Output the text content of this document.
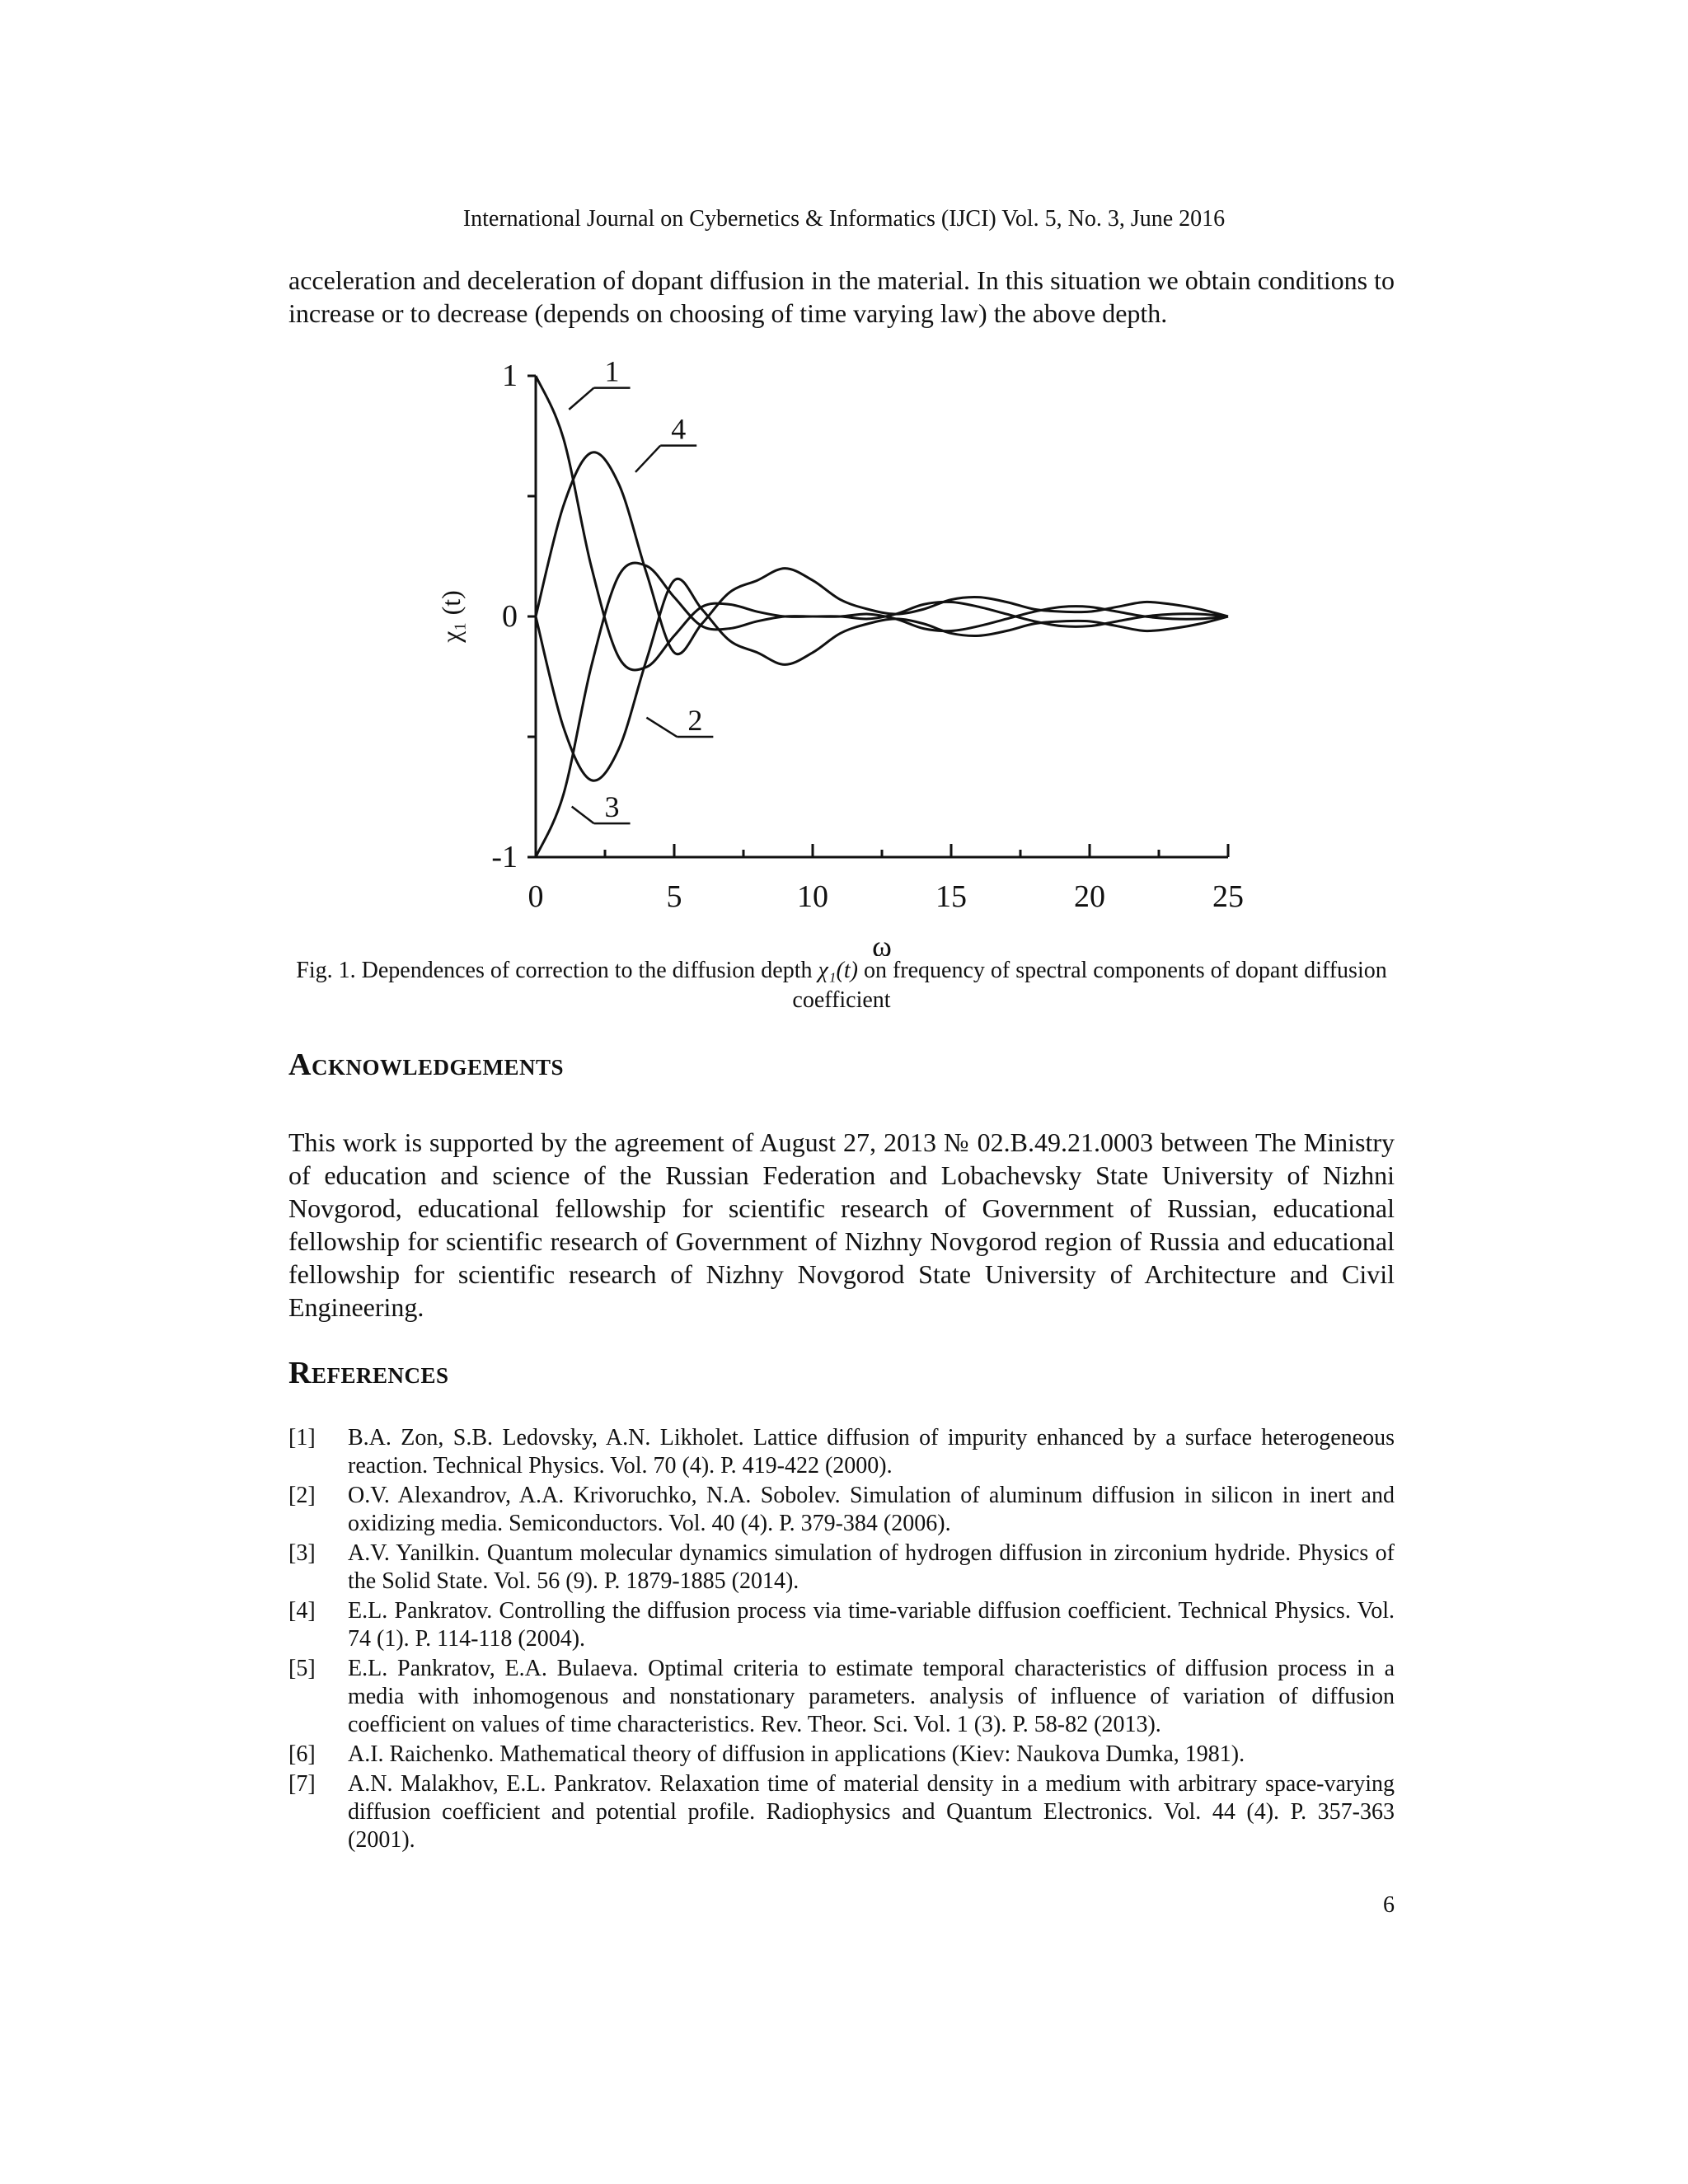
International Journal on Cybernetics & Informatics (IJCI) Vol. 5, No. 3, June 2016
acceleration and deceleration of dopant diffusion in the material. In this situation we obtain conditions to increase or to decrease (depends on choosing of time varying law) the above depth.
0	5	10	15	20	25
-1
0
1
ω
χ₁ (t)
1
4
2
3
Fig. 1. Dependences of correction to the diffusion depth χ₁(t) on frequency of spectral components of dopant diffusion coefficient
Acknowledgements
This work is supported by the agreement of August 27, 2013 № 02.B.49.21.0003 between The Ministry of education and science of the Russian Federation and Lobachevsky State University of Nizhni Novgorod, educational fellowship for scientific research of Government of Russian, educational fellowship for scientific research of Government of Nizhny Novgorod region of Russia and educational fellowship for scientific research of Nizhny Novgorod State University of Architecture and Civil Engineering.
References
[1]	B.A. Zon, S.B. Ledovsky, A.N. Likholet. Lattice diffusion of impurity enhanced by a surface heterogeneous reaction. Technical Physics. Vol. 70 (4). P. 419-422 (2000).
[2]	O.V. Alexandrov, A.A. Krivoruchko, N.A. Sobolev. Simulation of aluminum diffusion in silicon in inert and oxidizing media. Semiconductors. Vol. 40 (4). P. 379-384 (2006).
[3]	A.V. Yanilkin. Quantum molecular dynamics simulation of hydrogen diffusion in zirconium hydride. Physics of the Solid State. Vol. 56 (9). P. 1879-1885 (2014).
[4]	E.L. Pankratov. Controlling the diffusion process via time-variable diffusion coefficient. Technical Physics. Vol. 74 (1). P. 114-118 (2004).
[5]	E.L. Pankratov, E.A. Bulaeva. Optimal criteria to estimate temporal characteristics of diffusion process in a media with inhomogenous and nonstationary parameters. analysis of influence of variation of diffusion coefficient on values of time characteristics. Rev. Theor. Sci. Vol. 1 (3). P. 58-82 (2013).
[6]	A.I. Raichenko. Mathematical theory of diffusion in applications (Kiev: Naukova Dumka, 1981).
[7]	A.N. Malakhov, E.L. Pankratov. Relaxation time of material density in a medium with arbitrary space-varying diffusion coefficient and potential profile. Radiophysics and Quantum Electronics. Vol. 44 (4). P. 357-363 (2001).
6
